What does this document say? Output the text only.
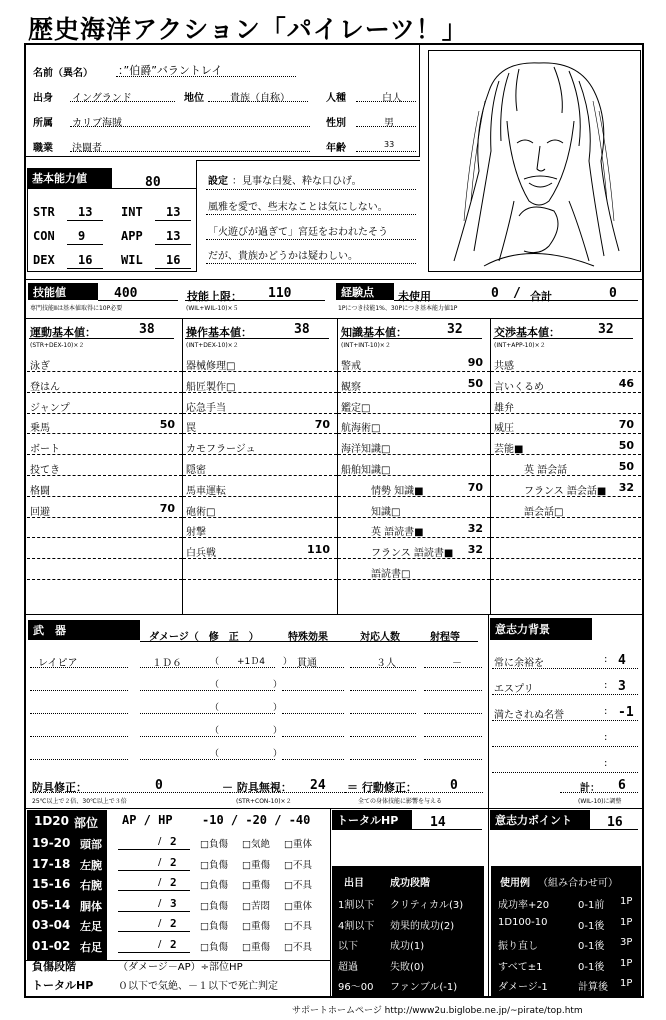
歴史海洋アクション「パイレーツ！」
名前（異名） ：”伯爵”バラントレイ
出身 イングランド	地位	貴族（自称）	人種	白人
所属 カリブ海賊	性別	男
職業 決闘者	年齢	33
基本能力値	80
STR 13 INT 13
CON 9	APP 13
DEX 16 WIL 16
設定 ：見事な白髪、粋な口ひげ。
風雅を愛で、些末なことは気にしない。
「火遊びが過ぎて」宮廷をおわれたそう
だが、貴族かどうかは疑わしい。
技能値	400
専門技能Ⅱは基本値取得に10P必要
技能上限： 110
(WIL+WIL-10)×５
経験点	未使用	0 / 合計	0
1Pにつき技能1%、30Pにつき基本能力値1P
運動基本値：	38
(STR+DEX-10)×２
泳ぎ
登はん
ジャンプ
乗馬	50
ボート
投てき
格闘
回避	70
操作基本値：	38
(INT+DEX-10)×２
器械修理□
船匠製作□
応急手当
罠	70
カモフラージュ
隠密
馬車運転
砲術□
射撃
白兵戦	110
知識基本値：	32
(INT+INT-10)×２
警戒	90
観察	50
鑑定□
航海術□
海洋知識□
船舶知識□
情勢 知識■	70
知識□
英 語読書■	32
フランス 語読書■	32
語読書□
交渉基本値：	32
(INT+APP-10)×２
共感
言いくるめ	46
雄弁
威圧	70
芸能■	50
英 語会話	50
フランス 語会話■	32
語会話□
武　器
ダメージ（　修　正　）	特殊効果	対応人数	射程等
レイピア	１Ｄ６	（　　+1Ｄ4　　） 貫通	３人	－
（　　　　　　）
（　　　　　　）
（　　　　　　）
（　　　　　　）
防具修正：	0
25℃以上で２倍、30℃以上で３倍
－ 防具無視： 24
(STR+CON-10)×２
＝ 行動修正：	0
全ての身体技能に影響を与える
意志力背景
常に余裕を	: 4
エスプリ	: 3
満たされぬ名誉	: -1
:
:
計： 6
(WIL-10)に調整
1D20 部位 AP / HP -10 / -20 / -40
19-20 頭部	/ 2 □負傷 □気絶 □重体
17-18 左腕	/ 2 □負傷 □重傷 □不具
15-16 右腕	/ 2 □負傷 □重傷 □不具
05-14 胴体	/ 3 □負傷 □苦悶 □重体
03-04 左足	/ 2 □負傷 □重傷 □不具
01-02 右足	/ 2 □負傷 □重傷 □不具
負傷段階	（ダメージ－AP）÷部位HP
トータルHP ０以下で気絶、－１以下で死亡判定
トータルHP	14
出目	成功段階
1割以下 クリティカル(3)
4割以下 効果的成功(2)
以下	成功(1)
超過	失敗(0)
96～00 ファンブル(-1)
意志力ポイント	16
使用例 （組み合わせ可）
成功率+20	0-1前 1P
1D100-10	0-1後 1P
振り直し	0-1後 3P
すべて±1	0-1後 1P
ダメージ-1	計算後 1P
サポートホームページ http://www2u.biglobe.ne.jp/~pirate/top.htm
